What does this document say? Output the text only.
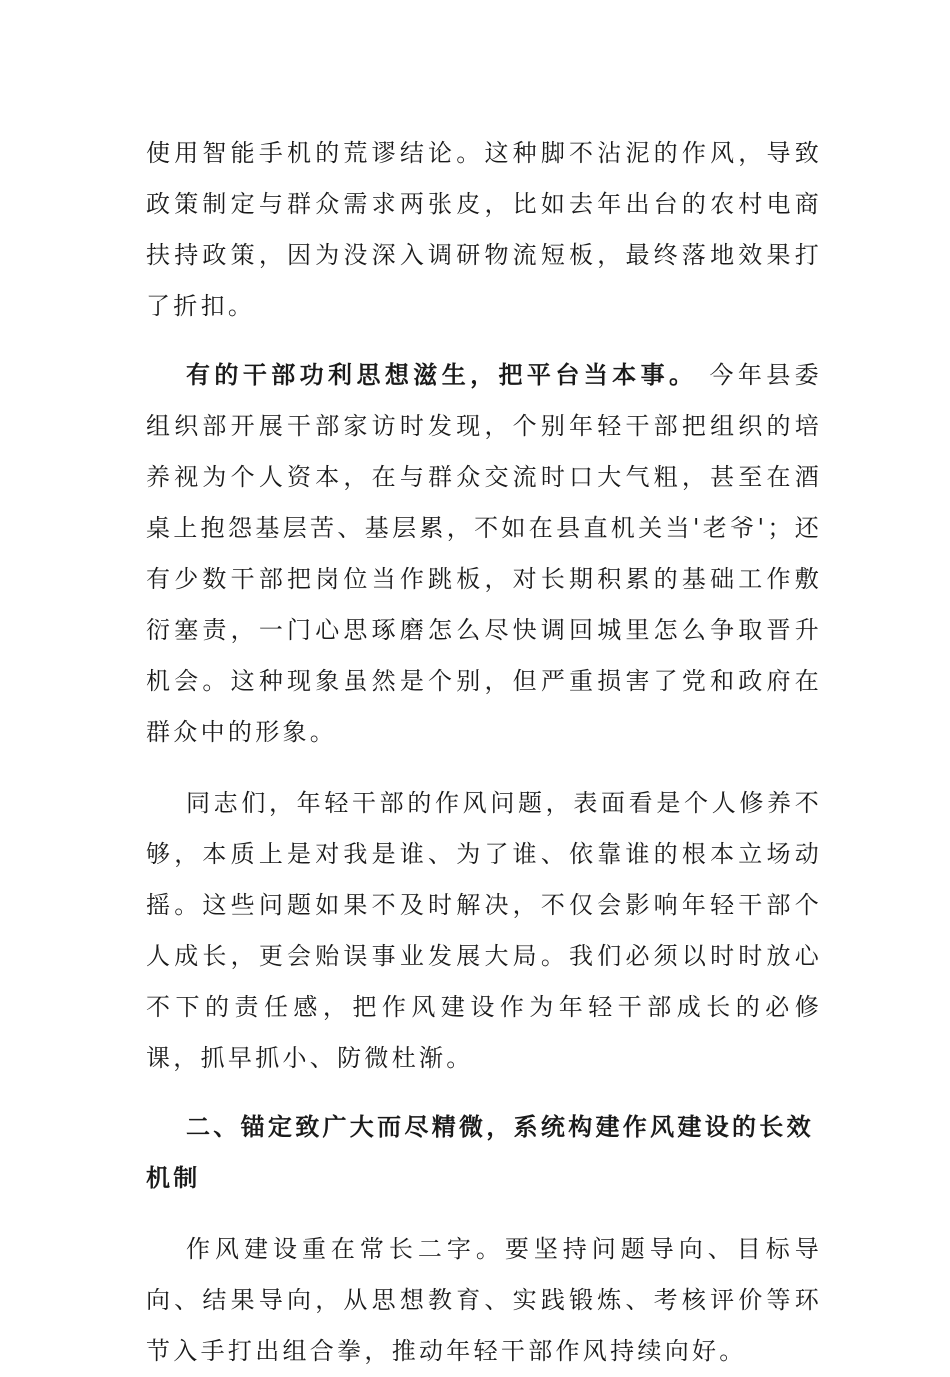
使用智能手机的荒谬结论。这种脚不沾泥的作风，导致政策制定与群众需求两张皮，比如去年出台的农村电商扶持政策，因为没深入调研物流短板，最终落地效果打了折扣。

有的干部功利思想滋生，把平台当本事。 今年县委组织部开展干部家访时发现，个别年轻干部把组织的培养视为个人资本，在与群众交流时口大气粗，甚至在酒桌上抱怨基层苦、基层累，不如在县直机关当'老爷'；还有少数干部把岗位当作跳板，对长期积累的基础工作敷衍塞责，一门心思琢磨怎么尽快调回城里怎么争取晋升机会。这种现象虽然是个别，但严重损害了党和政府在群众中的形象。

同志们，年轻干部的作风问题，表面看是个人修养不够，本质上是对我是谁、为了谁、依靠谁的根本立场动摇。这些问题如果不及时解决，不仅会影响年轻干部个人成长，更会贻误事业发展大局。我们必须以时时放心不下的责任感，把作风建设作为年轻干部成长的必修课，抓早抓小、防微杜渐。

二、锚定致广大而尽精微，系统构建作风建设的长效机制

作风建设重在常长二字。要坚持问题导向、目标导向、结果导向，从思想教育、实践锻炼、考核评价等环节入手打出组合拳，推动年轻干部作风持续向好。
